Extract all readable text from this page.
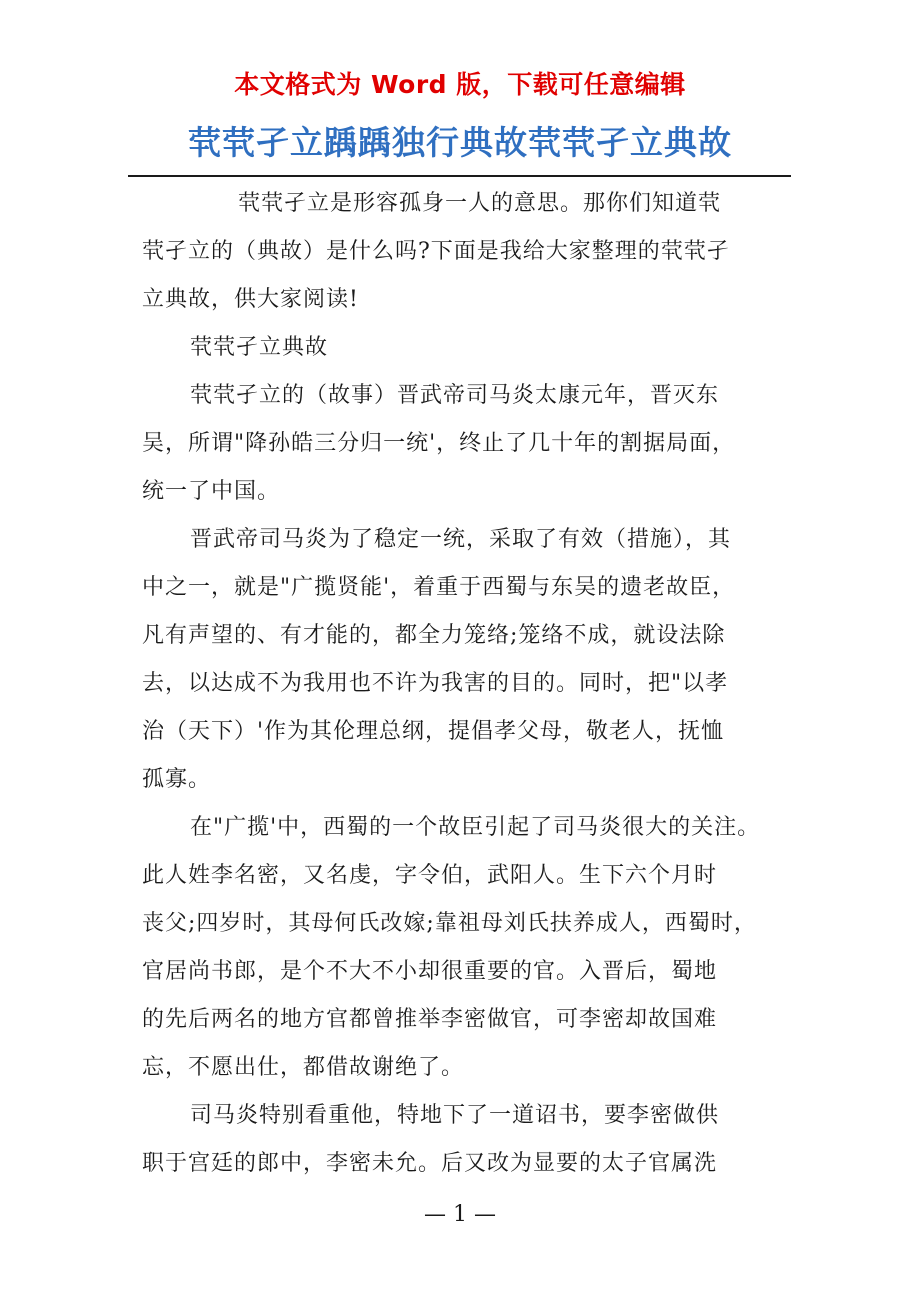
本文格式为 Word 版，下载可任意编辑
茕茕孑立踽踽独行典故茕茕孑立典故
茕茕孑立是形容孤身一人的意思。那你们知道茕
茕孑立的（典故）是什么吗?下面是我给大家整理的茕茕孑
立典故，供大家阅读!
茕茕孑立典故
茕茕孑立的（故事）晋武帝司马炎太康元年，晋灭东
吴，所谓"降孙皓三分归一统'，终止了几十年的割据局面，
统一了中国。
晋武帝司马炎为了稳定一统，采取了有效（措施），其
中之一，就是"广揽贤能'，着重于西蜀与东吴的遗老故臣，
凡有声望的、有才能的，都全力笼络;笼络不成，就设法除
去，以达成不为我用也不许为我害的目的。同时，把"以孝
治（天下）'作为其伦理总纲，提倡孝父母，敬老人，抚恤
孤寡。
在"广揽'中，西蜀的一个故臣引起了司马炎很大的关注。
此人姓李名密，又名虔，字令伯，武阳人。生下六个月时
丧父;四岁时，其母何氏改嫁;靠祖母刘氏扶养成人，西蜀时，
官居尚书郎，是个不大不小却很重要的官。入晋后，蜀地
的先后两名的地方官都曾推举李密做官，可李密却故国难
忘，不愿出仕，都借故谢绝了。
司马炎特别看重他，特地下了一道诏书，要李密做供
职于宫廷的郎中，李密未允。后又改为显要的太子官属洗
— 1 —
